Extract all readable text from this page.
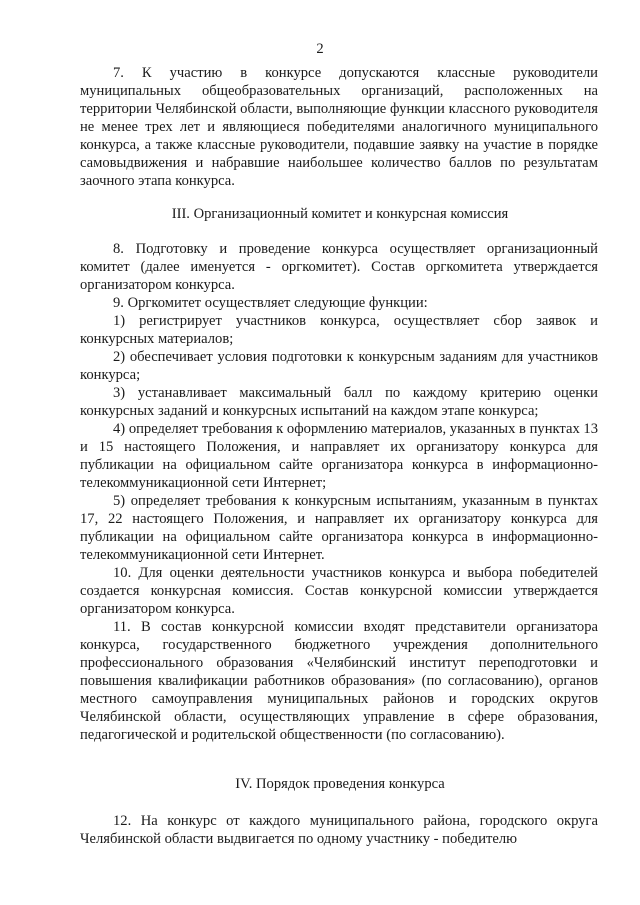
2

7. К участию в конкурсе допускаются классные руководители муниципальных общеобразовательных организаций, расположенных на территории Челябинской области, выполняющие функции классного руководителя не менее трех лет и являющиеся победителями аналогичного муниципального конкурса, а также классные руководители, подавшие заявку на участие в порядке самовыдвижения и набравшие наибольшее количество баллов по результатам заочного этапа конкурса.

III. Организационный комитет и конкурсная комиссия

8. Подготовку и проведение конкурса осуществляет организационный комитет (далее именуется - оргкомитет). Состав оргкомитета утверждается организатором конкурса.

9. Оргкомитет осуществляет следующие функции:

1) регистрирует участников конкурса, осуществляет сбор заявок и конкурсных материалов;

2) обеспечивает условия подготовки к конкурсным заданиям для участников конкурса;

3) устанавливает максимальный балл по каждому критерию оценки конкурсных заданий и конкурсных испытаний на каждом этапе конкурса;

4) определяет требования к оформлению материалов, указанных в пунктах 13 и 15 настоящего Положения, и направляет их организатору конкурса для публикации на официальном сайте организатора конкурса в информационно-телекоммуникационной сети Интернет;

5) определяет требования к конкурсным испытаниям, указанным в пунктах 17, 22 настоящего Положения, и направляет их организатору конкурса для публикации на официальном сайте организатора конкурса в информационно-телекоммуникационной сети Интернет.

10. Для оценки деятельности участников конкурса и выбора победителей создается конкурсная комиссия. Состав конкурсной комиссии утверждается организатором конкурса.

11. В состав конкурсной комиссии входят представители организатора конкурса, государственного бюджетного учреждения дополнительного профессионального образования «Челябинский институт переподготовки и повышения квалификации работников образования» (по согласованию), органов местного самоуправления муниципальных районов и городских округов Челябинской области, осуществляющих управление в сфере образования, педагогической и родительской общественности (по согласованию).

IV. Порядок проведения конкурса

12. На конкурс от каждого муниципального района, городского округа Челябинской области выдвигается по одному участнику - победителю
